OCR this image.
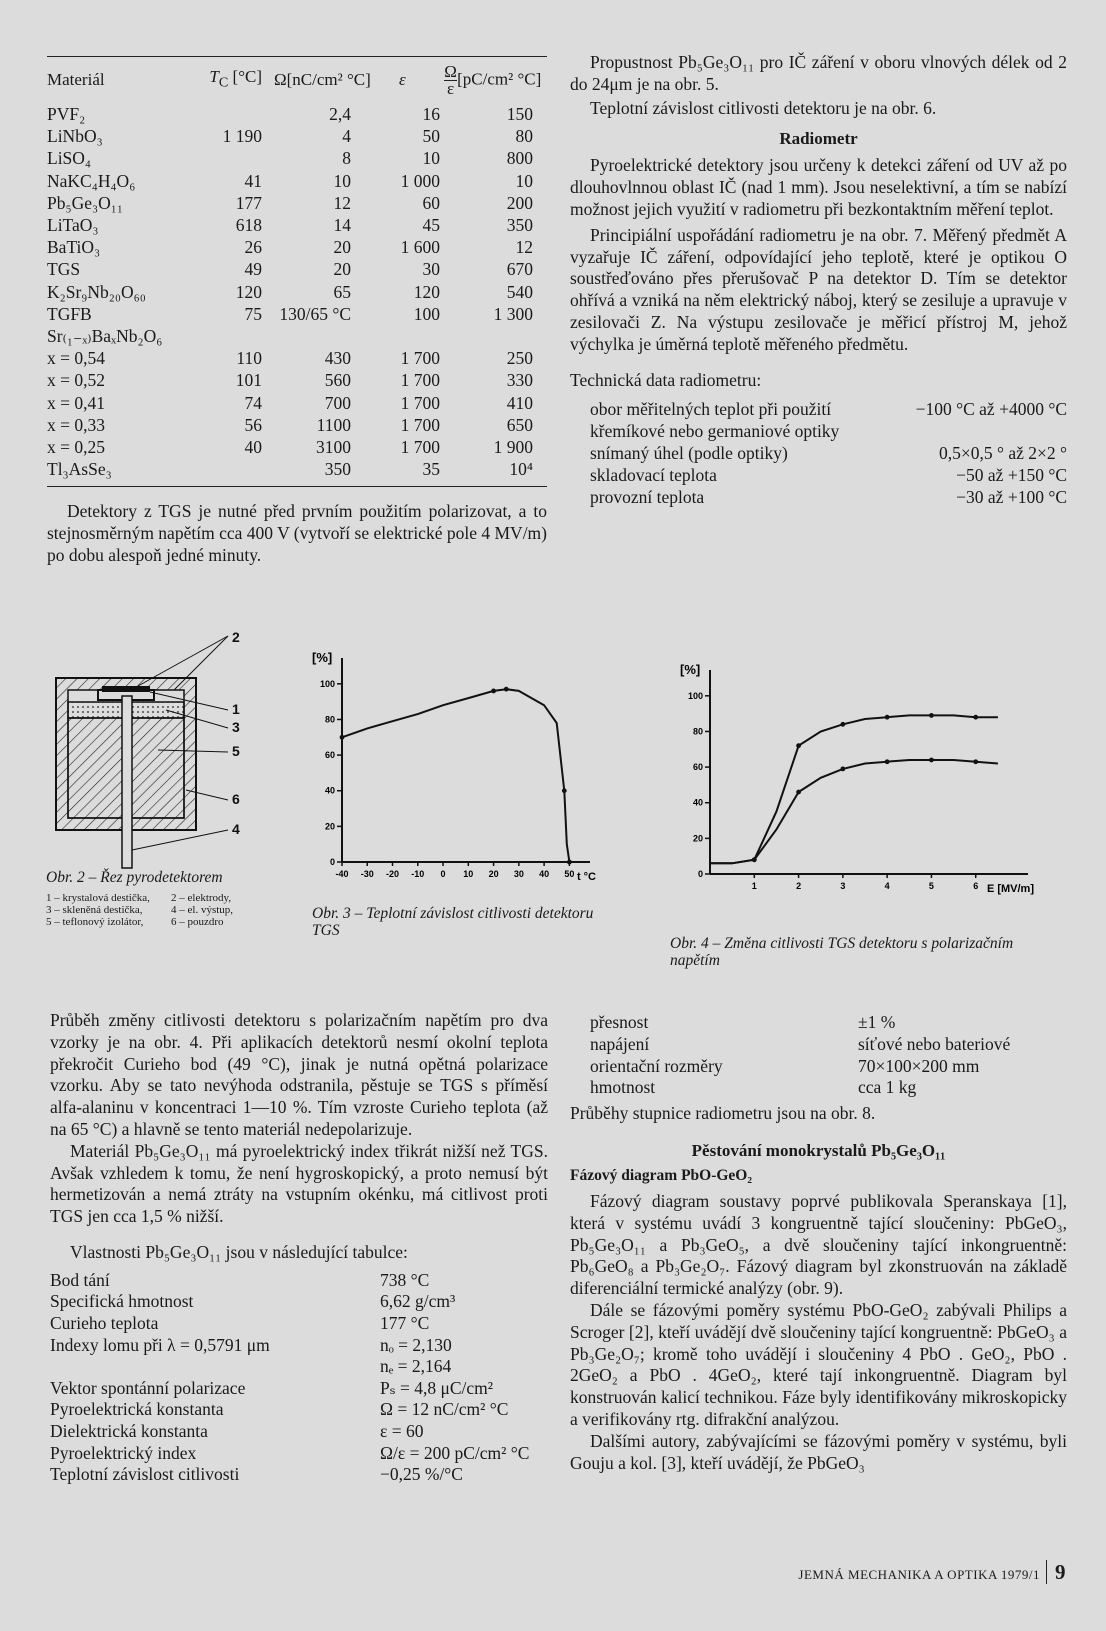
Materiál	$T_C$ [°C]	Ω[nC/cm² °C]	ε	$\frac{\Omega}{\varepsilon}[pC$/cm² °C]
PVF₂		2,4	16	150
LiNbO₃	1 190	4	50	80
LiSO₄		8	10	800
NaKC₄H₄O₆	41	10	1 000	10
Pb₅Ge₃O₁₁	177	12	60	200
LiTaO₃	618	14	45	350
BaTiO₃	26	20	1 600	12
TGS	49	20	30	670
K₂Sr₉Nb₂₀O₆₀	120	65	120	540
TGFB	75	130/65 °C	100	1 300
Sr₍₁₋ₓ₎BaₓNb₂O₆				
x = 0,54	110	430	1 700	250
x = 0,52	101	560	1 700	330
x = 0,41	74	700	1 700	410
x = 0,33	56	1100	1 700	650
x = 0,25	40	3100	1 700	1 900
Tl₃AsSe₃		350	35	10⁴

Detektory z TGS je nutné před prvním použitím polarizovat, a to stejnosměrným napětím cca 400 V (vytvoří se elektrické pole 4 MV/m) po dobu alespoň jedné minuty.

2
1
3
5
6
4
Obr. 2 – Řez pyrodetektorem
1 – krystalová destička,	2 – elektrody,
3 – skleněná destička,	4 – el. výstup,
5 – teflonový izolátor,	6 – pouzdro
0
20
40
60
80
100
-40 -30 -20 -10 0 10 20 30 40 50
[%]
t °C
Obr. 3 – Teplotní závislost citlivosti detektoru TGS
0
20
40
60
80
100
1	2	3	4	5	6
[%]
E [MV/m]
Obr. 4 – Změna citlivosti TGS detektoru s polarizačním napětím

Průběh změny citlivosti detektoru s polarizačním napětím pro dva vzorky je na obr. 4. Při aplikacích detektorů nesmí okolní teplota překročit Curieho bod (49 °C), jinak je nutná opětná polarizace vzorku. Aby se tato nevýhoda odstranila, pěstuje se TGS s příměsí alfa-alaninu v koncentraci 1—10 %. Tím vzroste Curieho teplota (až na 65 °C) a hlavně se tento materiál nedepolarizuje.

Materiál Pb₅Ge₃O₁₁ má pyroelektrický index třikrát nižší než TGS. Avšak vzhledem k tomu, že není hygroskopický, a proto nemusí být hermetizován a nemá ztráty na vstupním okénku, má citlivost proti TGS jen cca 1,5 % nižší.

Vlastnosti Pb₅Ge₃O₁₁ jsou v následující tabulce:

Bod tání	738 °C
Specifická hmotnost	6,62 g/cm³
Curieho teplota	177 °C
Indexy lomu při λ = 0,5791 μm	nₒ = 2,130
nₑ = 2,164
Vektor spontánní polarizace	Pₛ = 4,8 μC/cm²
Pyroelektrická konstanta	Ω = 12 nC/cm² °C
Dielektrická konstanta	ε = 60
Pyroelektrický index	Ω/ε = 200 pC/cm² °C
Teplotní závislost citlivosti	−0,25 %/°C

Propustnost Pb₅Ge₃O₁₁ pro IČ záření v oboru vlnových délek od 2 do 24μm je na obr. 5.

Teplotní závislost citlivosti detektoru je na obr. 6.

Radiometr

Pyroelektrické detektory jsou určeny k detekci záření od UV až po dlouhovlnnou oblast IČ (nad 1 mm). Jsou neselektivní, a tím se nabízí možnost jejich využití v radiometru při bezkontaktním měření teplot.

Principiální uspořádání radiometru je na obr. 7. Měřený předmět A vyzařuje IČ záření, odpovídající jeho teplotě, které je optikou O soustřeďováno přes přerušovač P na detektor D. Tím se detektor ohřívá a vzniká na něm elektrický náboj, který se zesiluje a upravuje v zesilovači Z. Na výstupu zesilovače je měřicí přístroj M, jehož výchylka je úměrná teplotě měřeného předmětu.

Technická data radiometru:

obor měřitelných teplot při použití křemíkové nebo germaniové optiky
−100 °C až +4000 °C
snímaný úhel (podle optiky)	0,5×0,5 ° až 2×2 °
skladovací teplota	−50 až +150 °C
provozní teplota	−30 až +100 °C
přesnost	±1 %
napájení	síťové nebo bateriové
orientační rozměry	70×100×200 mm
hmotnost	cca 1 kg

Průběhy stupnice radiometru jsou na obr. 8.

Pěstování monokrystalů Pb₅Ge₃O₁₁
Fázový diagram PbO-GeO₂

Fázový diagram soustavy poprvé publikovala Speranskaya [1], která v systému uvádí 3 kongruentně tající sloučeniny: PbGeO₃, Pb₅Ge₃O₁₁ a Pb₃GeO₅, a dvě sloučeniny tající inkongruentně: Pb₆GeO₈ a Pb₃Ge₂O₇. Fázový diagram byl zkonstruován na základě diferenciální termické analýzy (obr. 9).

Dále se fázovými poměry systému PbO-GeO₂ zabývali Philips a Scroger [2], kteří uvádějí dvě sloučeniny tající kongruentně: PbGeO₃ a Pb₃Ge₂O₇; kromě toho uvádějí i sloučeniny 4 PbO . GeO₂, PbO . 2GeO₂ a PbO . 4GeO₂, které tají inkongruentně. Diagram byl konstruován kalicí technikou. Fáze byly identifikovány mikroskopicky a verifikovány rtg. difrakční analýzou.

Dalšími autory, zabývajícími se fázovými poměry v systému, byli Gouju a kol. [3], kteří uvádějí, že PbGeO₃

JEMNÁ MECHANIKA A OPTIKA 1979/1 9
